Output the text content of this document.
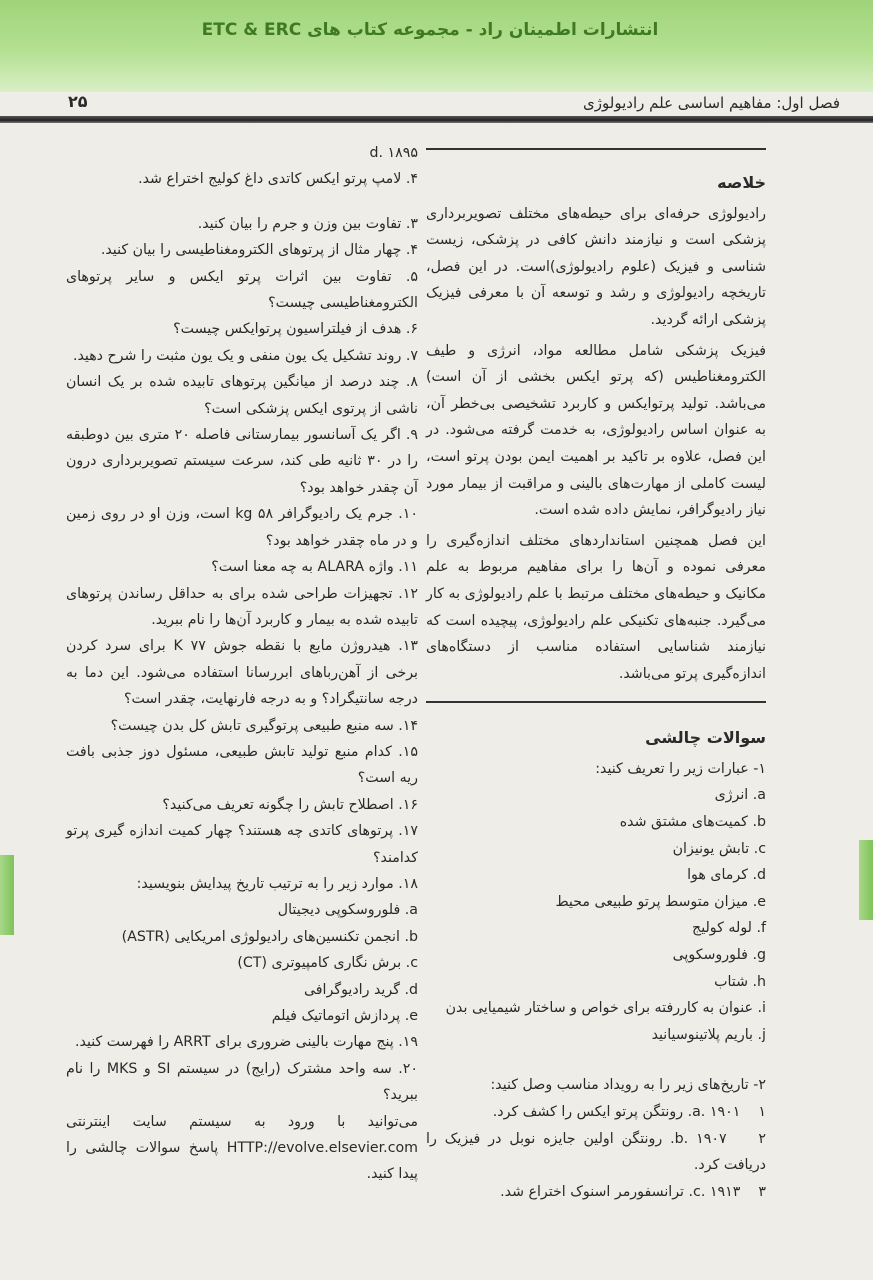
انتشارات اطمینان راد - مجموعه کتاب های ETC & ERC
فصل اول: مفاهیم اساسی علم رادیولوژی
۲۵
خلاصه

رادیولوژی حرفه‌ای برای حیطه‌های مختلف تصویربرداری پزشکی است و نیازمند دانش کافی در پزشکی، زیست شناسی و فیزیک (علوم رادیولوژی)است. در این فصل، تاریخچه رادیولوژی و رشد و توسعه آن با معرفی فیزیک پزشکی ارائه گردید.

فیزیک پزشکی شامل مطالعه مواد، انرژی و طیف الکترومغناطیس (که پرتو ایکس بخشی از آن است) می‌باشد. تولید پرتوایکس و کاربرد تشخیصی بی‌خطر آن، به عنوان اساس رادیولوژی، به خدمت گرفته می‌شود. در این فصل، علاوه بر تاکید بر اهمیت ایمن بودن پرتو است، لیست کاملی از مهارت‌های بالینی و مراقبت از بیمار مورد نیاز رادیوگرافر، نمایش داده شده است.

این فصل همچنین استانداردهای مختلف اندازه‌گیری را معرفی نموده و آن‌ها را برای مفاهیم مربوط به علم مکانیک و حیطه‌های مختلف مرتبط با علم رادیولوژی به کار می‌گیرد. جنبه‌های تکنیکی علم رادیولوژی، پیچیده است که نیازمند شناسایی استفاده مناسب از دستگاه‌های اندازه‌گیری پرتو می‌باشد.

سوالات چالشی

۱- عبارات زیر را تعریف کنید:

a. انرژی

b. کمیت‌های مشتق شده

c. تابش یونیزان

d. کرمای هوا

e. میزان متوسط پرتو طبیعی محیط

f. لوله کولیج

g. فلوروسکوپی

h. شتاب

i. عنوان به کاررفته برای خواص و ساختار شیمیایی بدن

j. باریم پلاتینوسیانید

۲- تاریخ‌های زیر را به رویداد مناسب وصل کنید:

a. ۱۹۰۱    ۱. رونتگن پرتو ایکس را کشف کرد.

b. ۱۹۰۷    ۲. رونتگن اولین جایزه نوبل در فیزیک را دریافت کرد.

c. ۱۹۱۳    ۳. ترانسفورمر اسنوک اختراع شد.

d. ۱۸۹۵

۴. لامپ پرتو ایکس کاتدی داغ کولیج اختراع شد.

۳. تفاوت بین وزن و جرم را بیان کنید.

۴. چهار مثال از پرتوهای الکترومغناطیسی را بیان کنید.

۵. تفاوت بین اثرات پرتو ایکس و سایر پرتوهای الکترومغناطیسی چیست؟

۶. هدف از فیلتراسیون پرتوایکس چیست؟

۷. روند تشکیل یک یون منفی و یک یون مثبت را شرح دهید.

۸. چند درصد از میانگین پرتوهای تابیده شده بر یک انسان ناشی از پرتوی ایکس پزشکی است؟

۹. اگر یک آسانسور بیمارستانی فاصله ۲۰ متری بین دوطبقه را در ۳۰ ثانیه طی کند، سرعت سیستم تصویربرداری درون آن چقدر خواهد بود؟

۱۰. جرم یک رادیوگرافر ۵۸ kg است، وزن او در روی زمین و در ماه چقدر خواهد بود؟

۱۱. واژه ALARA به چه معنا است؟

۱۲. تجهیزات طراحی شده برای به حداقل رساندن پرتوهای تابیده شده به بیمار و کاربرد آن‌ها را نام ببرید.

۱۳. هیدروژن مایع با نقطه جوش ۷۷ K برای سرد کردن برخی از آهن‌رباهای ابررسانا استفاده می‌شود. این دما به درجه سانتیگراد؟ و به درجه فارنهایت، چقدر است؟

۱۴. سه منبع طبیعی پرتوگیری تابش کل بدن چیست؟

۱۵. کدام منبع تولید تابش طبیعی، مسئول دوز جذبی بافت ریه است؟

۱۶. اصطلاح تابش را چگونه تعریف می‌کنید؟

۱۷. پرتوهای کاتدی چه هستند؟ چهار کمیت اندازه گیری پرتو کدامند؟

۱۸. موارد زیر را به ترتیب تاریخ پیدایش بنویسید:

a. فلوروسکوپی دیجیتال

b. انجمن تکنسین‌های رادیولوژی امریکایی (ASTR)

c. برش نگاری کامپیوتری (CT)

d. گرید رادیوگرافی

e. پردازش اتوماتیک فیلم

۱۹. پنج مهارت بالینی ضروری برای ARRT را فهرست کنید.

۲۰. سه واحد مشترک (رایج) در سیستم SI و MKS را نام ببرید؟

می‌توانید با ورود به سیستم سایت اینترنتی HTTP://evolve.elsevier.com پاسخ سوالات چالشی را پیدا کنید.
